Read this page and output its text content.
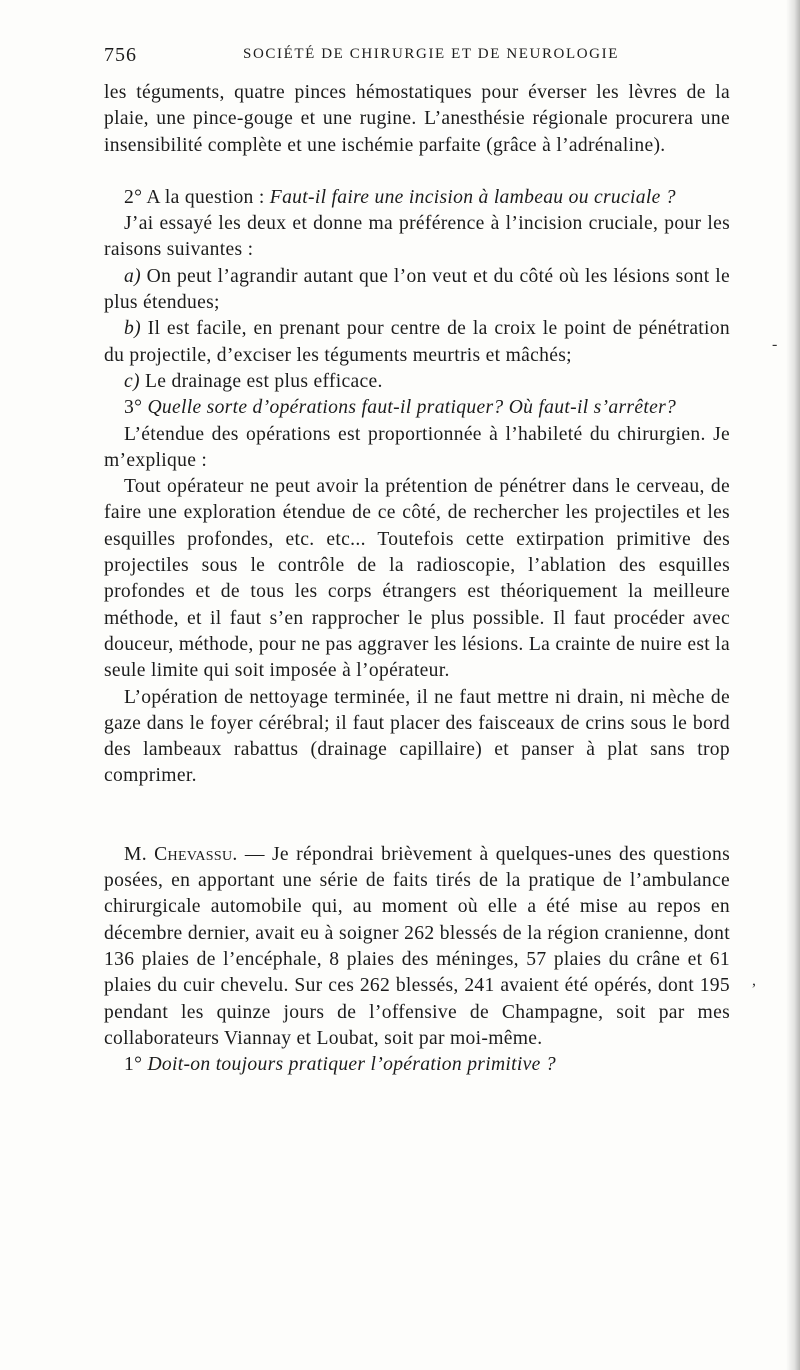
756	SOCIÉTÉ DE CHIRURGIE ET DE NEUROLOGIE
-
,

les téguments, quatre pinces hémostatiques pour éverser les lèvres de la plaie, une pince-gouge et une rugine. L’anesthésie régionale procurera une insensibilité complète et une ischémie parfaite (grâce à l’adrénaline).

2° A la question : Faut-il faire une incision à lambeau ou cruciale ?

J’ai essayé les deux et donne ma préférence à l’incision cruciale, pour les raisons suivantes :

a) On peut l’agrandir autant que l’on veut et du côté où les lésions sont le plus étendues;

b) Il est facile, en prenant pour centre de la croix le point de pénétration du projectile, d’exciser les téguments meurtris et mâchés;

c) Le drainage est plus efficace.

3° Quelle sorte d’opérations faut-il pratiquer? Où faut-il s’arrêter?

L’étendue des opérations est proportionnée à l’habileté du chirurgien. Je m’explique :

Tout opérateur ne peut avoir la prétention de pénétrer dans le cerveau, de faire une exploration étendue de ce côté, de rechercher les projectiles et les esquilles profondes, etc. etc... Toutefois cette extirpation primitive des projectiles sous le contrôle de la radioscopie, l’ablation des esquilles profondes et de tous les corps étrangers est théoriquement la meilleure méthode, et il faut s’en rapprocher le plus possible. Il faut procéder avec douceur, méthode, pour ne pas aggraver les lésions. La crainte de nuire est la seule limite qui soit imposée à l’opérateur.

L’opération de nettoyage terminée, il ne faut mettre ni drain, ni mèche de gaze dans le foyer cérébral; il faut placer des faisceaux de crins sous le bord des lambeaux rabattus (drainage capillaire) et panser à plat sans trop comprimer.

M. Chevassu. — Je répondrai brièvement à quelques-unes des questions posées, en apportant une série de faits tirés de la pratique de l’ambulance chirurgicale automobile qui, au moment où elle a été mise au repos en décembre dernier, avait eu à soigner 262 blessés de la région cranienne, dont 136 plaies de l’encéphale, 8 plaies des méninges, 57 plaies du crâne et 61 plaies du cuir chevelu. Sur ces 262 blessés, 241 avaient été opérés, dont 195 pendant les quinze jours de l’offensive de Champagne, soit par mes collaborateurs Viannay et Loubat, soit par moi-même.

1° Doit-on toujours pratiquer l’opération primitive ?
